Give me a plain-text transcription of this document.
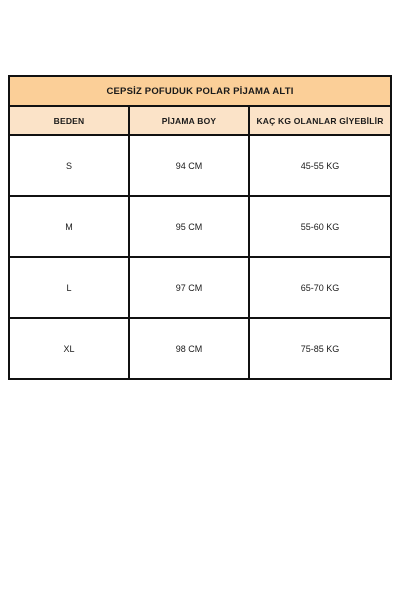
CEPSİZ POFUDUK POLAR PİJAMA ALTI		
BEDEN	PİJAMA BOY	KAÇ KG OLANLAR GİYEBİLİR
S	94 CM	45-55 KG
M	95 CM	55-60 KG
L	97 CM	65-70 KG
XL	98 CM	75-85 KG
